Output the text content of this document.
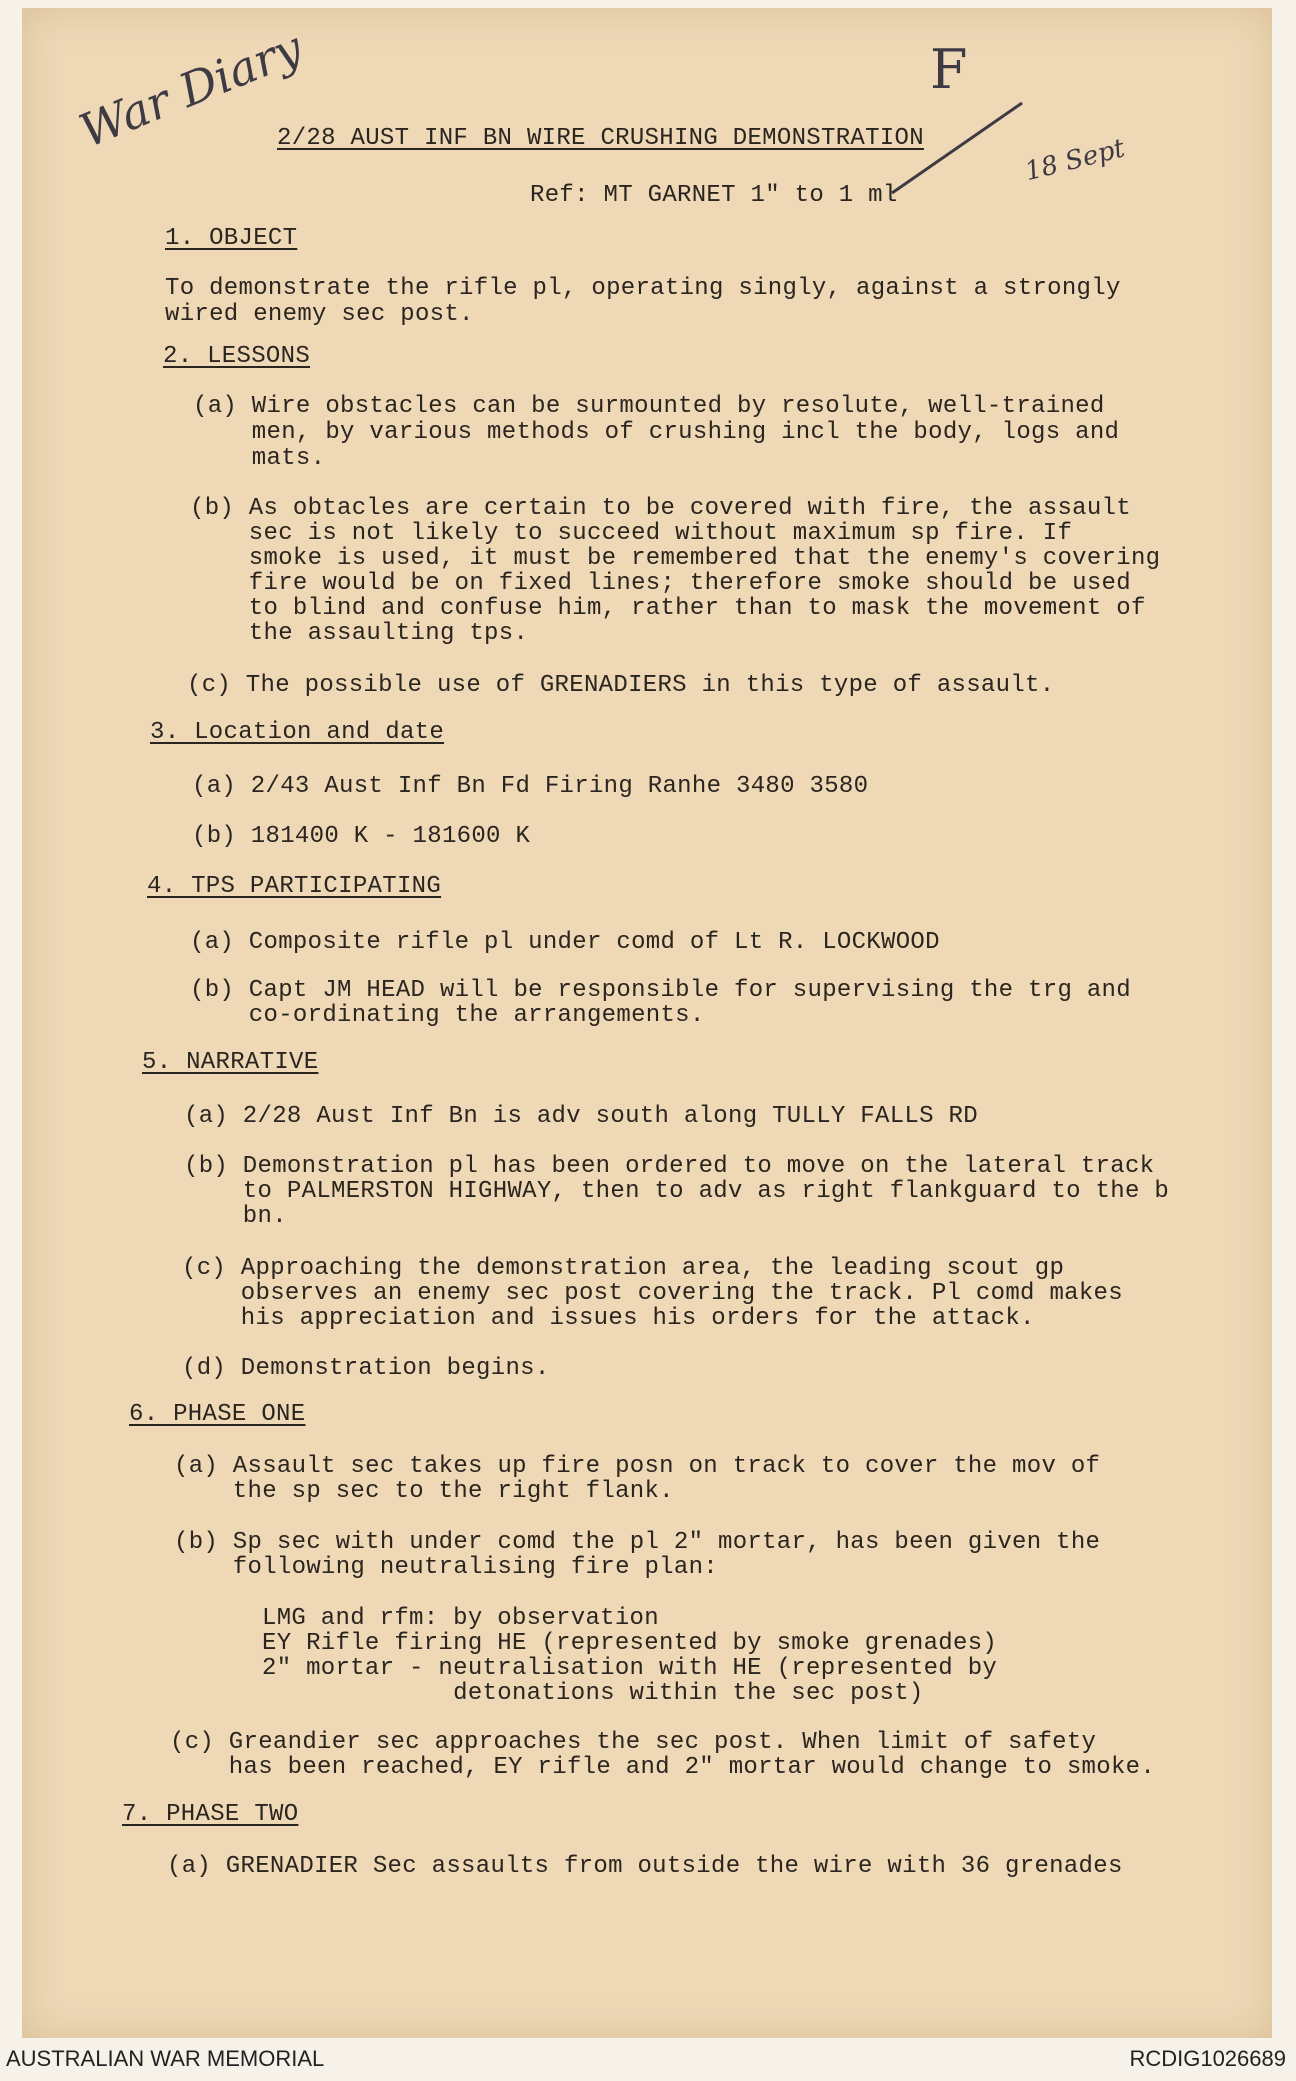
War Diary	F
18 Sept
2/28 AUST INF BN WIRE CRUSHING DEMONSTRATION
Ref: MT GARNET 1" to 1 ml
1. OBJECT
To demonstrate the rifle pl, operating singly, against a strongly
wired enemy sec post.
2. LESSONS
(a) Wire obstacles can be surmounted by resolute, well-trained
men, by various methods of crushing incl the body, logs and
mats.
(b) As obtacles are certain to be covered with fire, the assault
sec is not likely to succeed without maximum sp fire. If
smoke is used, it must be remembered that the enemy's covering
fire would be on fixed lines; therefore smoke should be used
to blind and confuse him, rather than to mask the movement of
the assaulting tps.
(c) The possible use of GRENADIERS in this type of assault.
3. Location and date
(a) 2/43 Aust Inf Bn Fd Firing Ranhe 3480 3580
(b) 181400 K - 181600 K
4. TPS PARTICIPATING
(a) Composite rifle pl under comd of Lt R. LOCKWOOD
(b) Capt JM HEAD will be responsible for supervising the trg and
co-ordinating the arrangements.
5. NARRATIVE
(a) 2/28 Aust Inf Bn is adv south along TULLY FALLS RD
(b) Demonstration pl has been ordered to move on the lateral track
to PALMERSTON HIGHWAY, then to adv as right flankguard to the b
bn.
(c) Approaching the demonstration area, the leading scout gp
observes an enemy sec post covering the track. Pl comd makes
his appreciation and issues his orders for the attack.
(d) Demonstration begins.
6. PHASE ONE
(a) Assault sec takes up fire posn on track to cover the mov of
the sp sec to the right flank.
(b) Sp sec with under comd the pl 2" mortar, has been given the
following neutralising fire plan:
LMG and rfm: by observation
EY Rifle firing HE (represented by smoke grenades)
2" mortar - neutralisation with HE (represented by
detonations within the sec post)
(c) Greandier sec approaches the sec post. When limit of safety
has been reached, EY rifle and 2" mortar would change to smoke.
7. PHASE TWO
(a) GRENADIER Sec assaults from outside the wire with 36 grenades
AUSTRALIAN WAR MEMORIAL	RCDIG1026689
